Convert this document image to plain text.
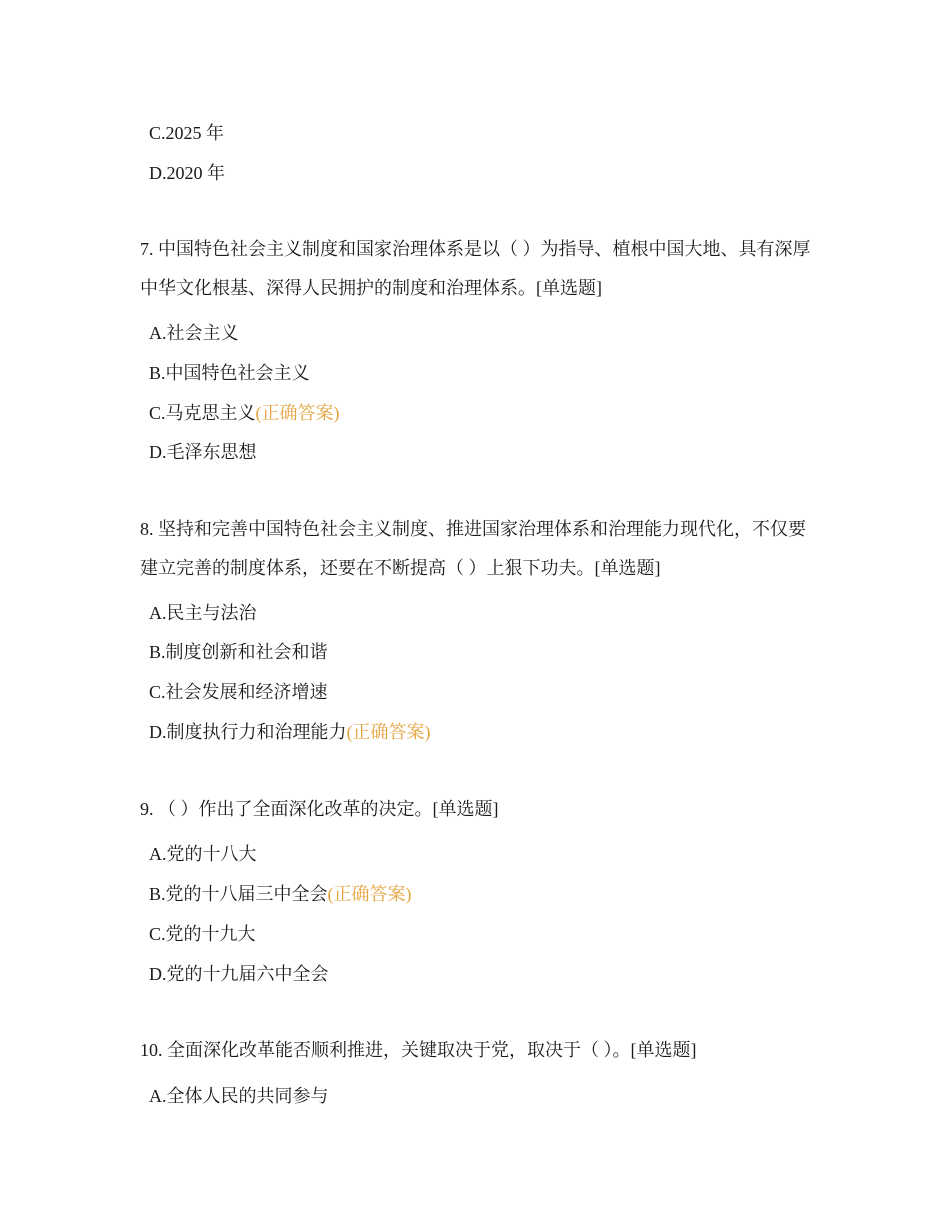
C.2025 年
D.2020 年
7. 中国特色社会主义制度和国家治理体系是以（ ）为指导、植根中国大地、具有深厚中华文化根基、深得人民拥护的制度和治理体系。[单选题]
A.社会主义
B.中国特色社会主义
C.马克思主义(正确答案)
D.毛泽东思想
8. 坚持和完善中国特色社会主义制度、推进国家治理体系和治理能力现代化，不仅要建立完善的制度体系，还要在不断提高（ ）上狠下功夫。[单选题]
A.民主与法治
B.制度创新和社会和谐
C.社会发展和经济增速
D.制度执行力和治理能力(正确答案)
9. （ ）作出了全面深化改革的决定。[单选题]
A.党的十八大
B.党的十八届三中全会(正确答案)
C.党的十九大
D.党的十九届六中全会
10. 全面深化改革能否顺利推进，关键取决于党，取决于（ ）。[单选题]
A.全体人民的共同参与
